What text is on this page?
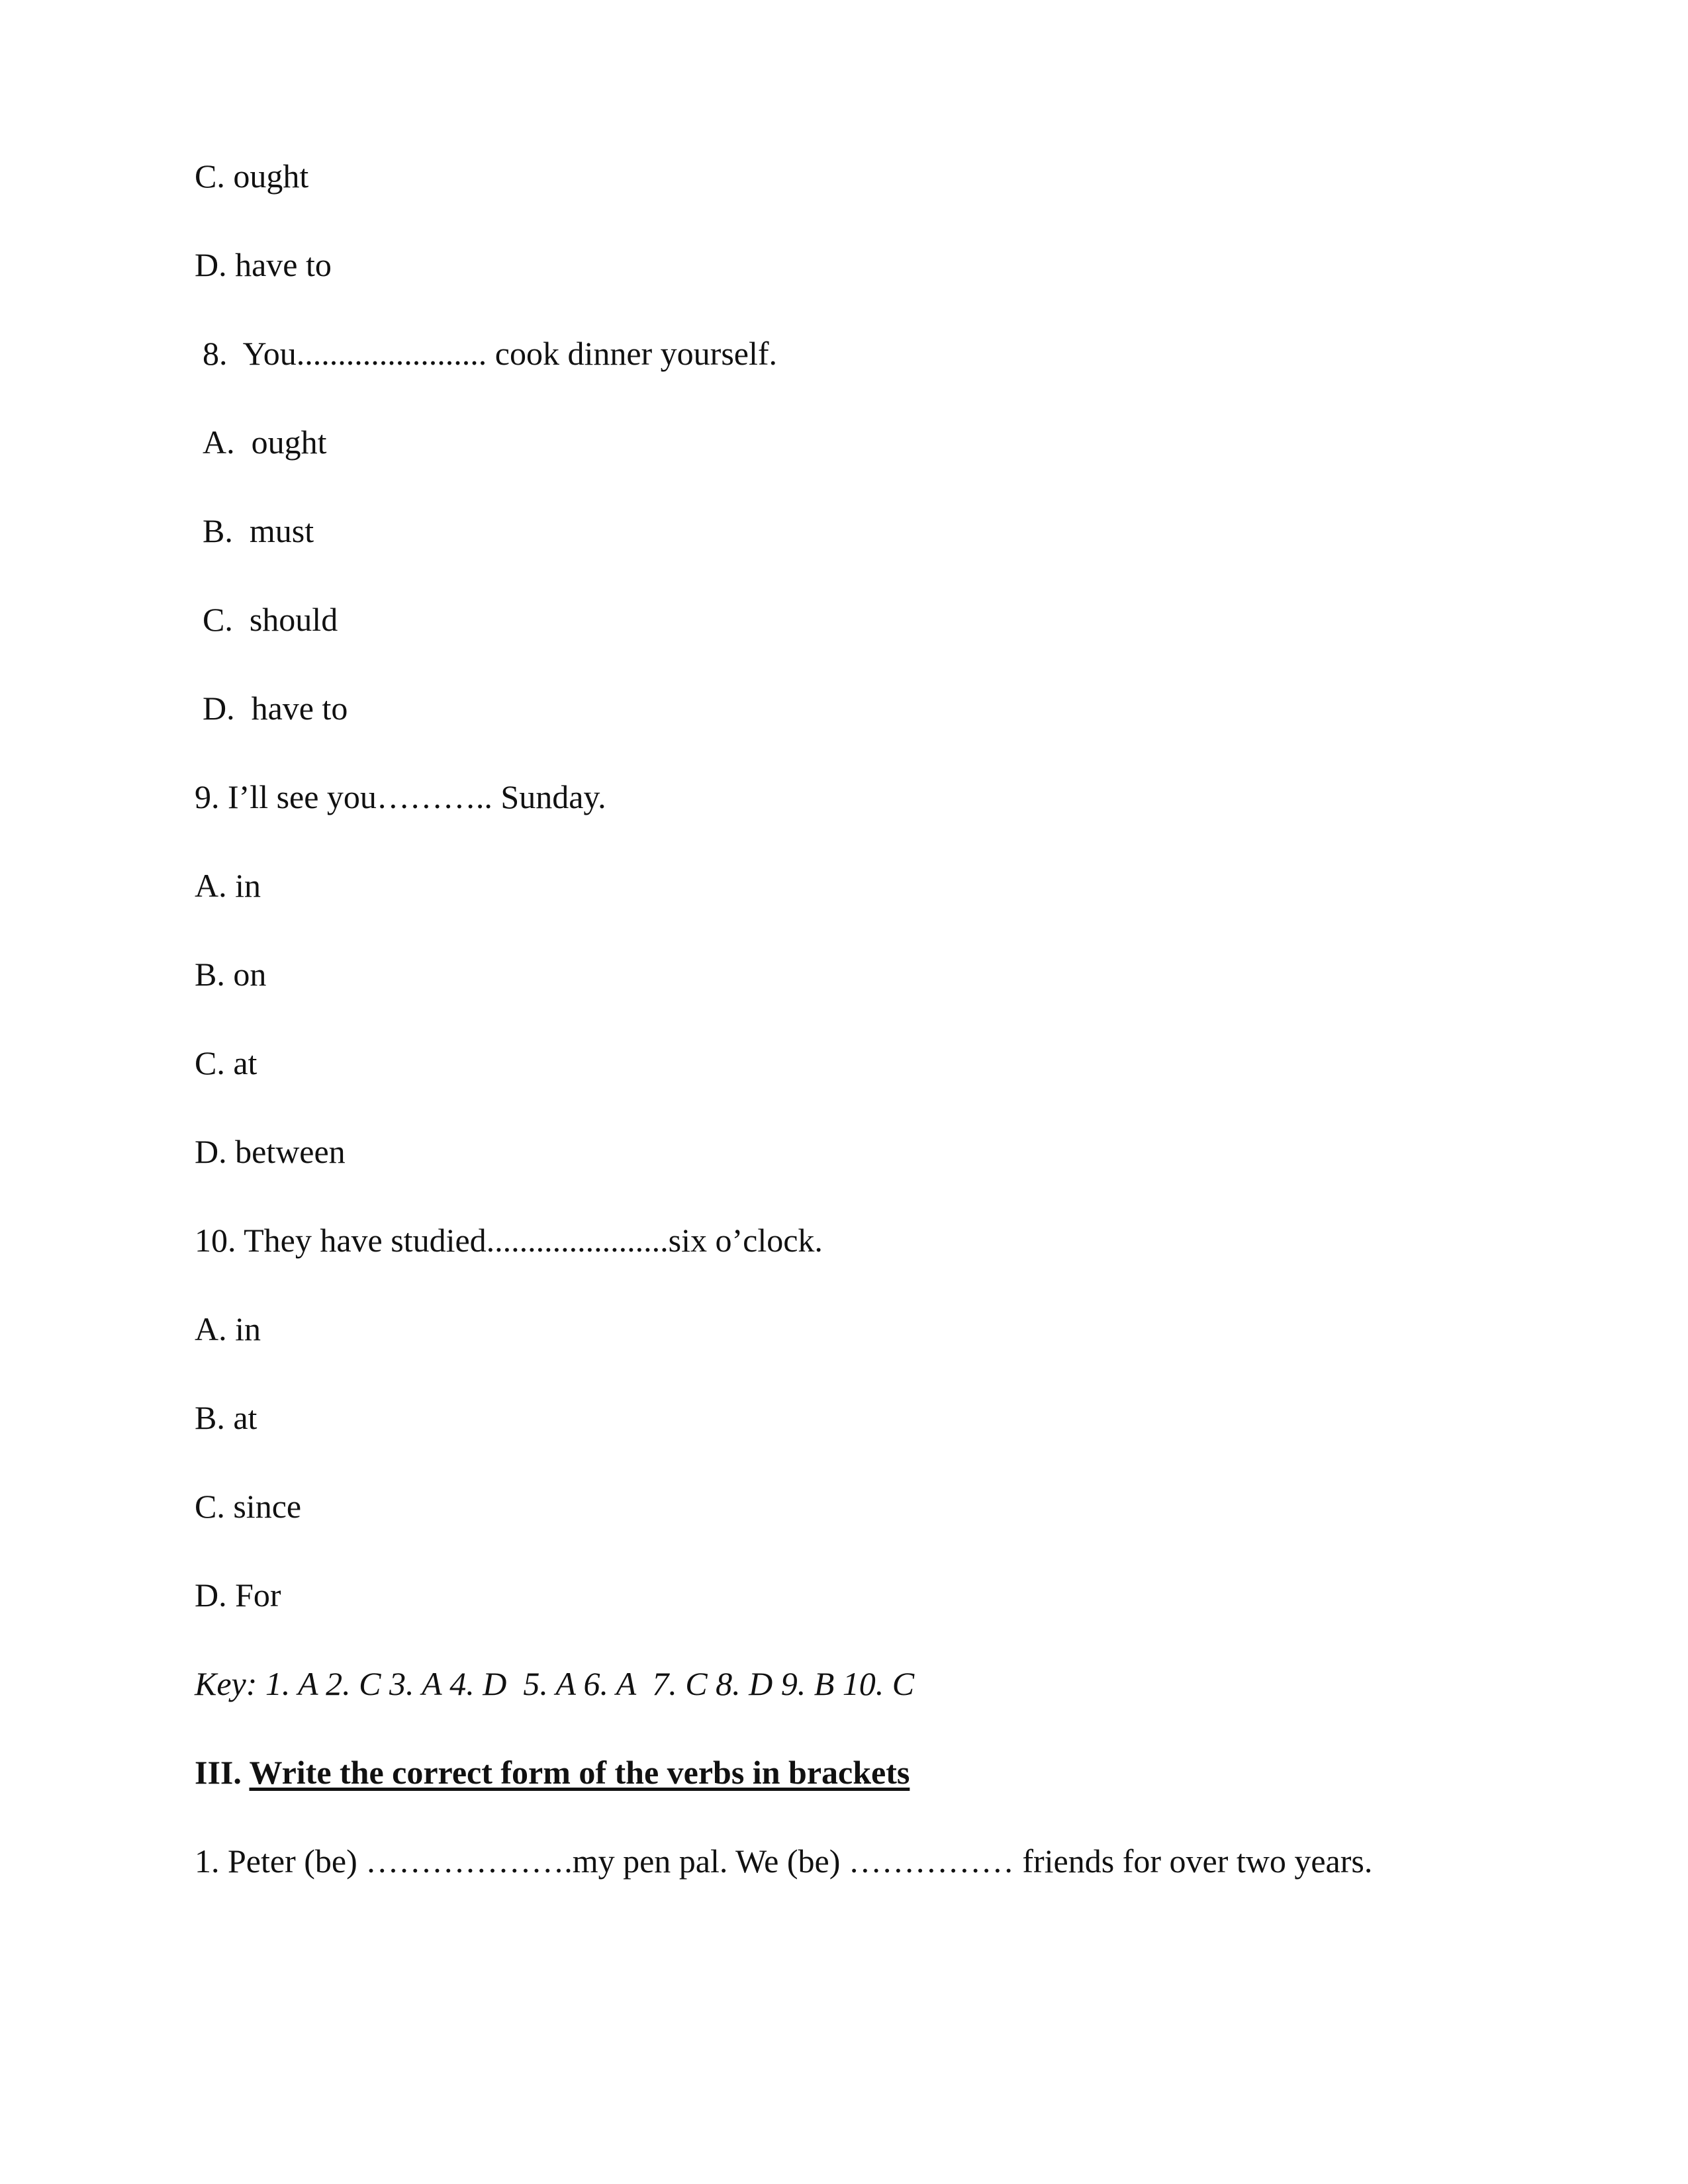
C. ought
D. have to
8.  You....................... cook dinner yourself.
A.  ought
B.  must
C.  should
D.  have to
9. I’ll see you……….. Sunday.
A. in
B. on
C. at
D. between
10. They have studied......................six o’clock.
A. in
B. at
C. since
D. For
Key: 1. A 2. C 3. A 4. D  5. A 6. A  7. C 8. D 9. B 10. C
III. Write the correct form of the verbs in brackets
1. Peter (be) ……………….my pen pal. We (be) …………… friends for over two years.
